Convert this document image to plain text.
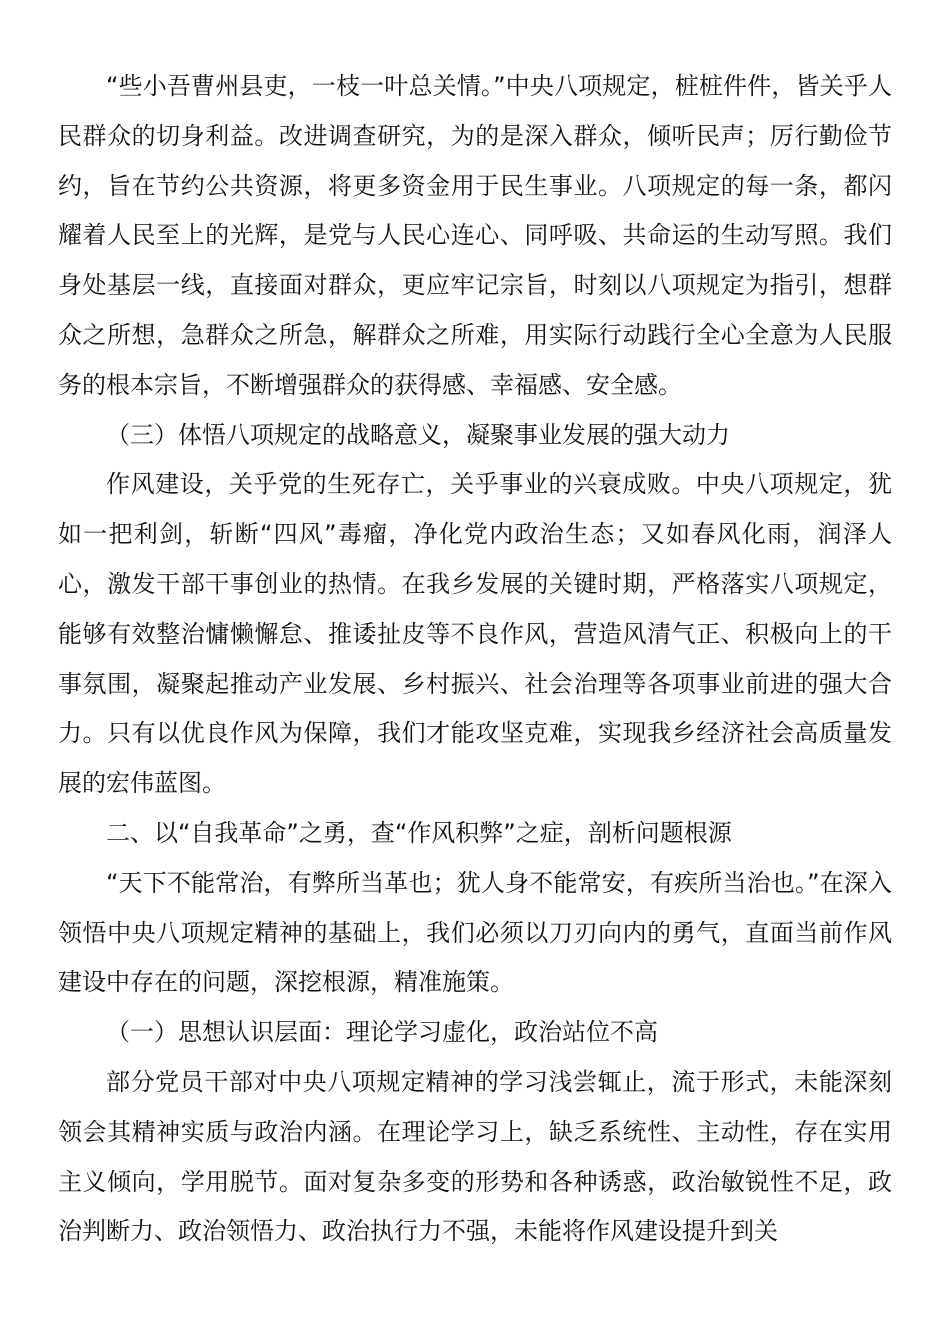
“些小吾曹州县吏，一枝一叶总关情。”中央八项规定，桩桩件件，皆关乎人民群众的切身利益。改进调查研究，为的是深入群众，倾听民声；厉行勤俭节约，旨在节约公共资源，将更多资金用于民生事业。八项规定的每一条，都闪耀着人民至上的光辉，是党与人民心连心、同呼吸、共命运的生动写照。我们身处基层一线，直接面对群众，更应牢记宗旨，时刻以八项规定为指引，想群众之所想，急群众之所急，解群众之所难，用实际行动践行全心全意为人民服务的根本宗旨，不断增强群众的获得感、幸福感、安全感。

（三）体悟八项规定的战略意义，凝聚事业发展的强大动力

作风建设，关乎党的生死存亡，关乎事业的兴衰成败。中央八项规定，犹如一把利剑，斩断“四风”毒瘤，净化党内政治生态；又如春风化雨，润泽人心，激发干部干事创业的热情。在我乡发展的关键时期，严格落实八项规定，能够有效整治慵懒懈怠、推诿扯皮等不良作风，营造风清气正、积极向上的干事氛围，凝聚起推动产业发展、乡村振兴、社会治理等各项事业前进的强大合力。只有以优良作风为保障，我们才能攻坚克难，实现我乡经济社会高质量发展的宏伟蓝图。

二、以“自我革命”之勇，查“作风积弊”之症，剖析问题根源

“天下不能常治，有弊所当革也；犹人身不能常安，有疾所当治也。”在深入领悟中央八项规定精神的基础上，我们必须以刀刃向内的勇气，直面当前作风建设中存在的问题，深挖根源，精准施策。

（一）思想认识层面：理论学习虚化，政治站位不高

部分党员干部对中央八项规定精神的学习浅尝辄止，流于形式，未能深刻领会其精神实质与政治内涵。在理论学习上，缺乏系统性、主动性，存在实用主义倾向，学用脱节。面对复杂多变的形势和各种诱惑，政治敏锐性不足，政治判断力、政治领悟力、政治执行力不强，未能将作风建设提升到关
